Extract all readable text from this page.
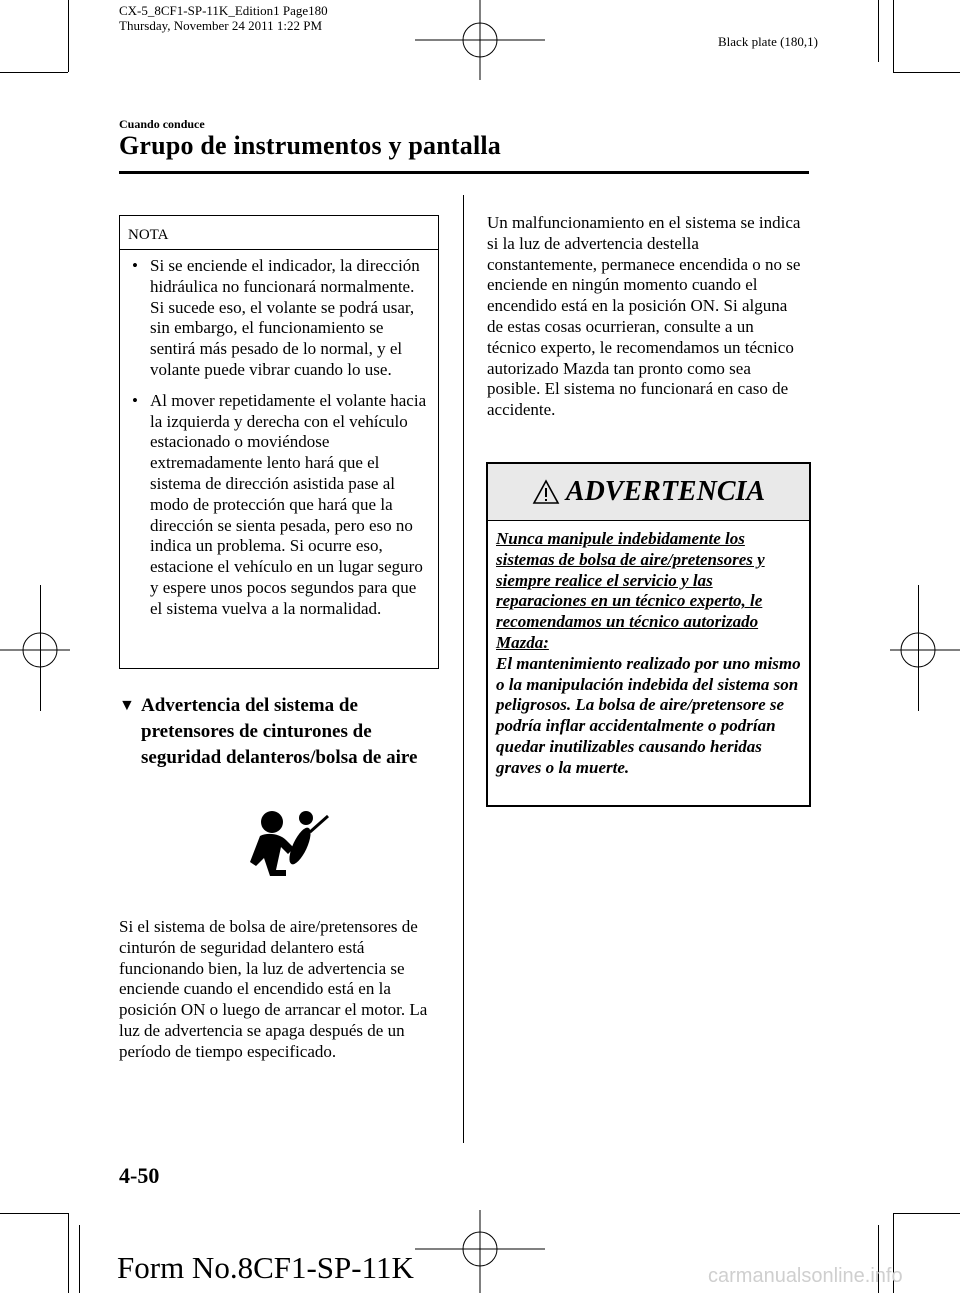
CX-5_8CF1-SP-11K_Edition1 Page180
Thursday, November 24 2011 1:22 PM
Black plate (180,1)
Cuando conduce
Grupo de instrumentos y pantalla
NOTA
• Si se enciende el indicador, la dirección hidráulica no funcionará normalmente. Si sucede eso, el volante se podrá usar, sin embargo, el funcionamiento se sentirá más pesado de lo normal, y el volante puede vibrar cuando lo use.
• Al mover repetidamente el volante hacia la izquierda y derecha con el vehículo estacionado o moviéndose extremadamente lento hará que el sistema de dirección asistida pase al modo de protección que hará que la dirección se sienta pesada, pero eso no indica un problema. Si ocurre eso, estacione el vehículo en un lugar seguro y espere unos pocos segundos para que el sistema vuelva a la normalidad.
▼ Advertencia del sistema de pretensores de cinturones de seguridad delanteros/bolsa de aire
Si el sistema de bolsa de aire/pretensores de cinturón de seguridad delantero está funcionando bien, la luz de advertencia se enciende cuando el encendido está en la posición ON o luego de arrancar el motor. La luz de advertencia se apaga después de un período de tiempo especificado.
Un malfuncionamiento en el sistema se indica si la luz de advertencia destella constantemente, permanece encendida o no se enciende en ningún momento cuando el encendido está en la posición ON. Si alguna de estas cosas ocurrieran, consulte a un técnico experto, le recomendamos un técnico autorizado Mazda tan pronto como sea posible. El sistema no funcionará en caso de accidente.
ADVERTENCIA
Nunca manipule indebidamente los sistemas de bolsa de aire/pretensores y siempre realice el servicio y las reparaciones en un técnico experto, le recomendamos un técnico autorizado Mazda:
El mantenimiento realizado por uno mismo o la manipulación indebida del sistema son peligrosos. La bolsa de aire/pretensore se podría inflar accidentalmente o podrían quedar inutilizables causando heridas graves o la muerte.
4-50
Form No.8CF1-SP-11K	carmanualsonline.info
